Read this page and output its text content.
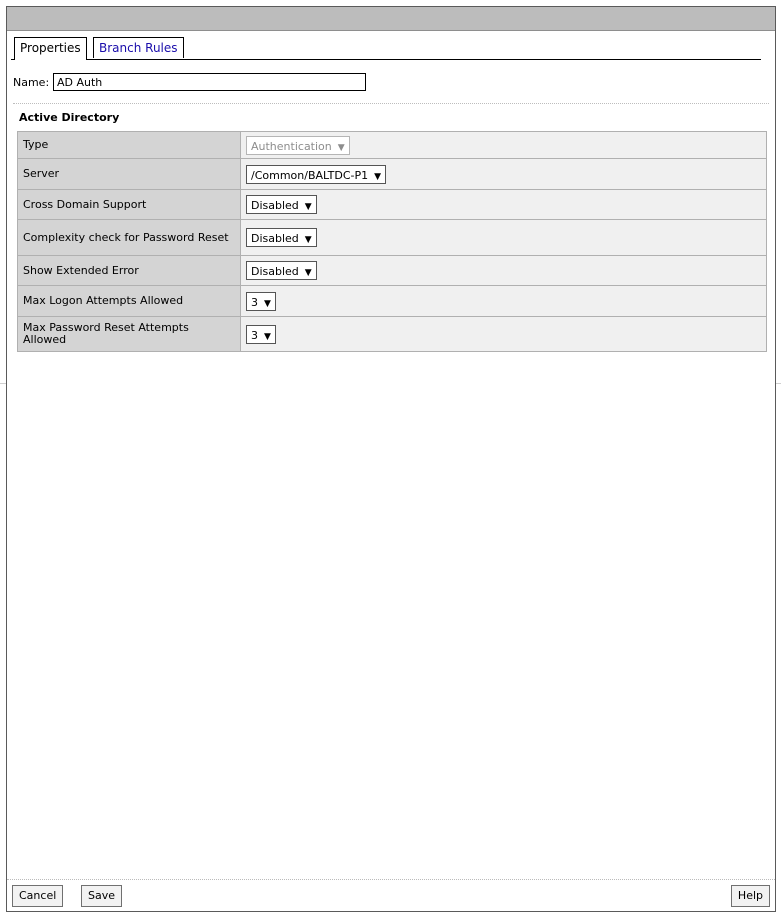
Properties	Branch Rules
Name:
AD Auth
Active Directory
Type	Authentication ▼
Server	/Common/BALTDC-P1 ▼
Cross Domain Support	Disabled ▼
Complexity check for Password Reset	Disabled ▼
Show Extended Error	Disabled ▼
Max Logon Attempts Allowed	3 ▼
Max Password Reset Attempts Allowed	3 ▼
Cancel	Save	Help
